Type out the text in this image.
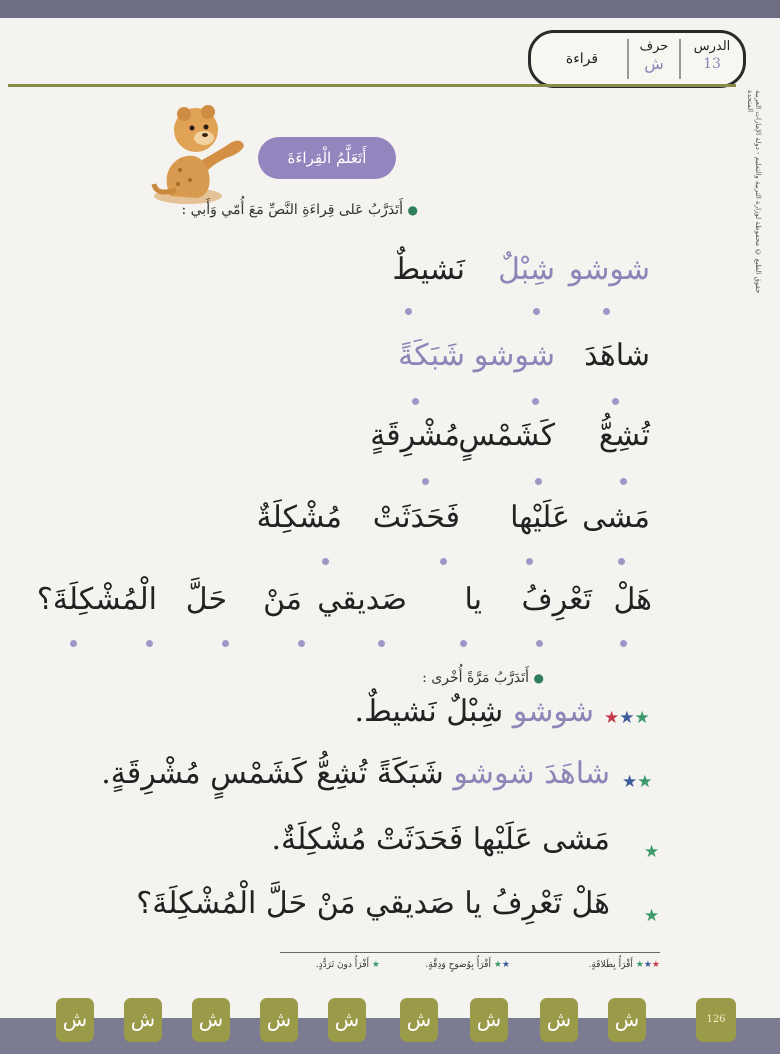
الدرس
13
حرف
ش
قراءة
حقوق الطبع © محفوظة لوزارة التربية والتعليم - دولة الإمارات العربية المتحدة
أَتَعَلَّمُ الْقِراءَةَ
● أَتَدَرَّبُ عَلى قِراءَةِ النَّصِّ مَعَ أُمّي وَأَبي :
شوشو
شِبْلٌ
نَشيطٌ
شاهَدَ
شوشو
شَبَكَةً
تُشِعُّ
كَشَمْسٍ
مُشْرِقَةٍ
مَشى
عَلَيْها
فَحَدَثَتْ
مُشْكِلَةٌ
هَلْ
تَعْرِفُ
يا
صَديقي
مَنْ
حَلَّ
الْمُشْكِلَةَ؟
● أَتَدَرَّبُ مَرَّةً أُخْرى :
★★★
شوشو شِبْلٌ نَشيطٌ.
★★
شاهَدَ شوشو شَبَكَةً تُشِعُّ كَشَمْسٍ مُشْرِقَةٍ.
★
مَشى عَلَيْها فَحَدَثَتْ مُشْكِلَةٌ.
★
هَلْ تَعْرِفُ يا صَديقي مَنْ حَلَّ الْمُشْكِلَةَ؟
★★★ أَقْرَأُ بِطَلاقَةٍ.
★★ أَقْرَأُ بِوُضوحٍ وَدِقَّةٍ.
★ أَقْرَأُ دونَ تَرَدُّدٍ.
ش	ش	ش	ش	ش	ش	ش	ش	ش	126
